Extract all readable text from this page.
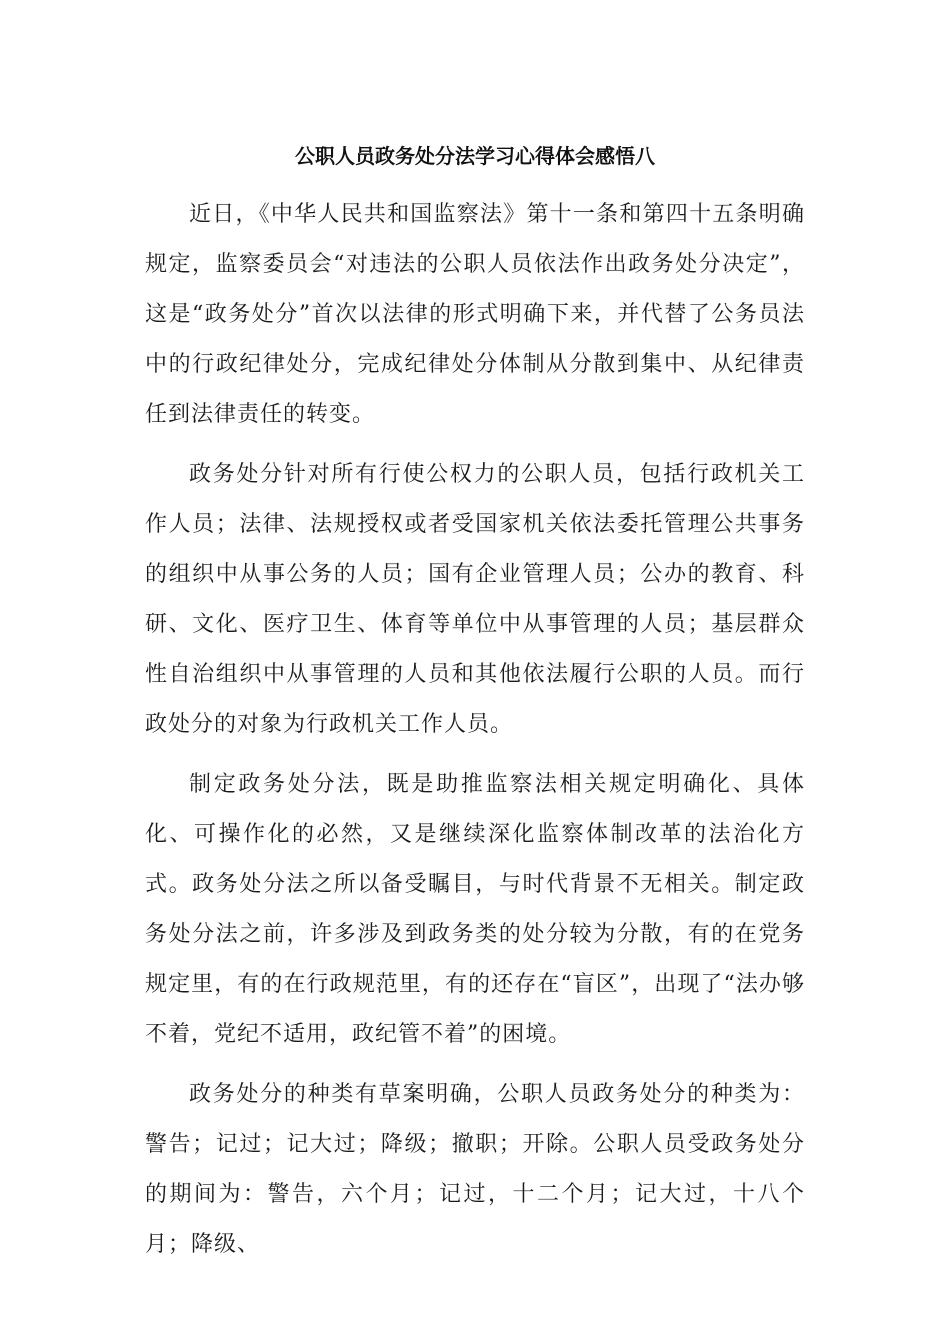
公职人员政务处分法学习心得体会感悟八

近日，《中华人民共和国监察法》第十一条和第四十五条明确规定，监察委员会“对违法的公职人员依法作出政务处分决定”，这是“政务处分”首次以法律的形式明确下来，并代替了公务员法中的行政纪律处分，完成纪律处分体制从分散到集中、从纪律责任到法律责任的转变。

政务处分针对所有行使公权力的公职人员，包括行政机关工作人员；法律、法规授权或者受国家机关依法委托管理公共事务的组织中从事公务的人员；国有企业管理人员；公办的教育、科研、文化、医疗卫生、体育等单位中从事管理的人员；基层群众性自治组织中从事管理的人员和其他依法履行公职的人员。而行政处分的对象为行政机关工作人员。

制定政务处分法，既是助推监察法相关规定明确化、具体化、可操作化的必然，又是继续深化监察体制改革的法治化方式。政务处分法之所以备受瞩目，与时代背景不无相关。制定政务处分法之前，许多涉及到政务类的处分较为分散，有的在党务规定里，有的在行政规范里，有的还存在“盲区”，出现了“法办够不着，党纪不适用，政纪管不着”的困境。

政务处分的种类有草案明确，公职人员政务处分的种类为：警告；记过；记大过；降级；撤职；开除。公职人员受政务处分的期间为：警告，六个月；记过，十二个月；记大过，十八个月；降级、
